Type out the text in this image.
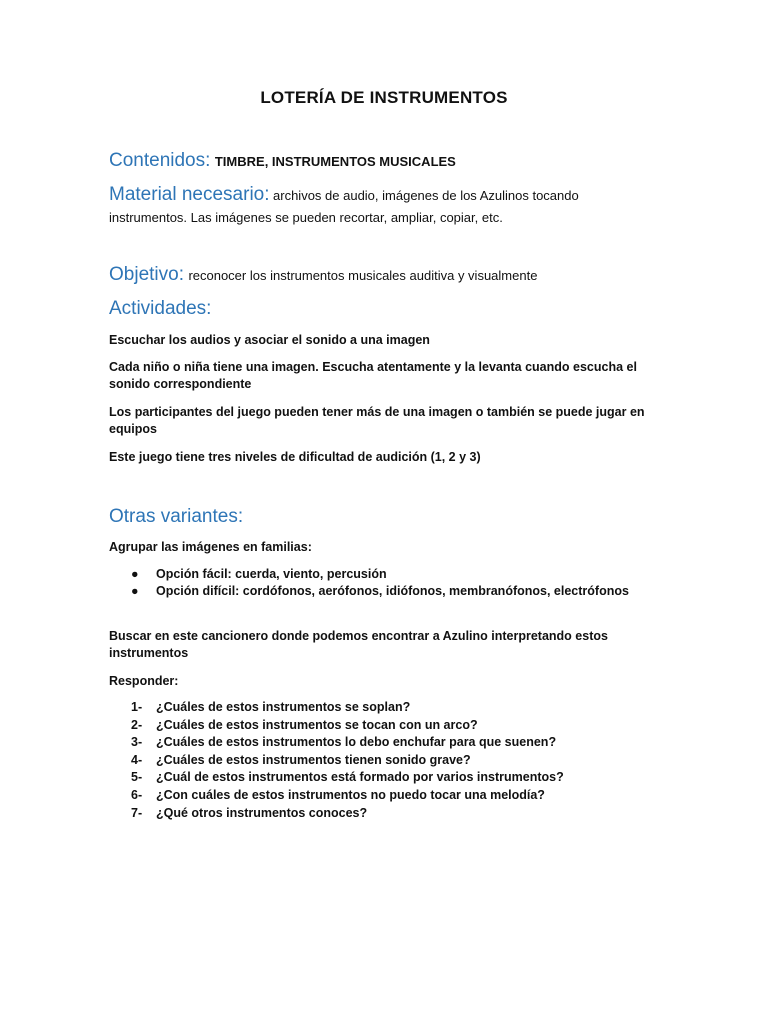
LOTERÍA DE INSTRUMENTOS
Contenidos: TIMBRE, INSTRUMENTOS MUSICALES
Material necesario: archivos de audio, imágenes de los Azulinos tocando instrumentos. Las imágenes se pueden recortar, ampliar, copiar, etc.
Objetivo: reconocer los instrumentos musicales auditiva y visualmente
Actividades:
Escuchar los audios y asociar el sonido a una imagen
Cada niño o niña tiene una imagen. Escucha atentamente y la levanta cuando escucha el sonido correspondiente
Los participantes del juego pueden tener más de una imagen o también se puede jugar en equipos
Este juego tiene tres niveles de dificultad de audición (1, 2 y 3)
Otras variantes:
Agrupar las imágenes en familias:
● Opción fácil: cuerda, viento, percusión
● Opción difícil: cordófonos, aerófonos, idiófonos, membranófonos, electrófonos
Buscar en este cancionero donde podemos encontrar a Azulino interpretando estos instrumentos
Responder:
1- ¿Cuáles de estos instrumentos se soplan?
2- ¿Cuáles de estos instrumentos se tocan con un arco?
3- ¿Cuáles de estos instrumentos lo debo enchufar para que suenen?
4- ¿Cuáles de estos instrumentos tienen sonido grave?
5- ¿Cuál de estos instrumentos está formado por varios instrumentos?
6- ¿Con cuáles de estos instrumentos no puedo tocar una melodía?
7- ¿Qué otros instrumentos conoces?
